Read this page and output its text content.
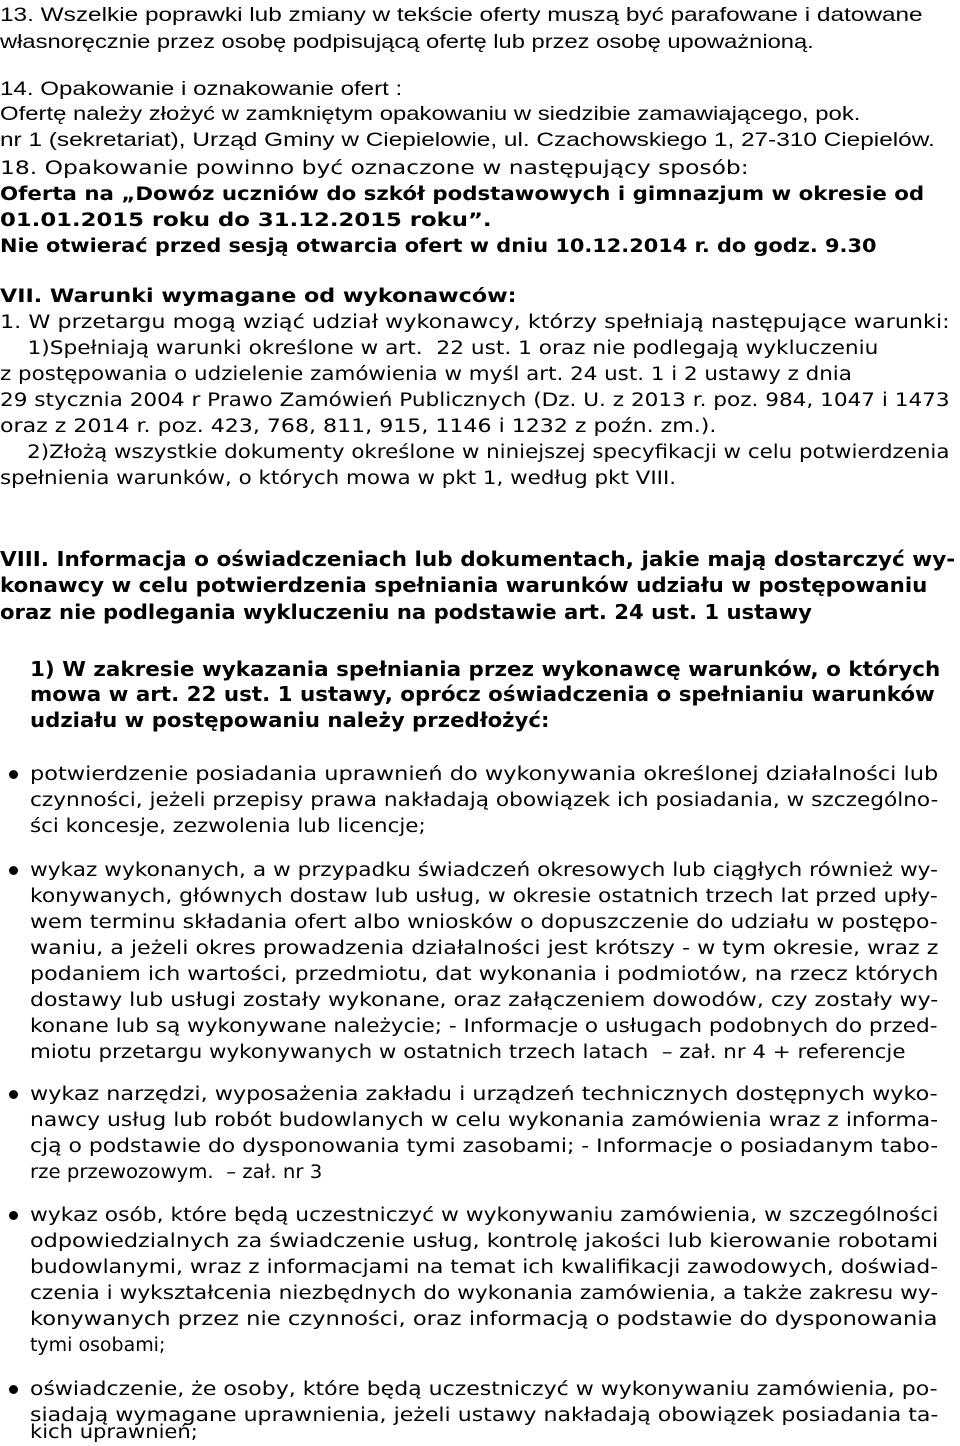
13. Wszelkie poprawki lub zmiany w tekście oferty muszą być parafowane i datowane
własnoręcznie przez osobę podpisującą ofertę lub przez osobę upoważnioną.
14. Opakowanie i oznakowanie ofert :
Ofertę należy złożyć w zamkniętym opakowaniu w siedzibie zamawiającego, pok.
nr 1 (sekretariat), Urząd Gminy w Ciepielowie, ul. Czachowskiego 1, 27-310 Ciepielów.
18. Opakowanie powinno być oznaczone w następujący sposób:
Oferta na „Dowóz uczniów do szkół podstawowych i gimnazjum w okresie od
01.01.2015 roku do 31.12.2015 roku”.
Nie otwierać przed sesją otwarcia ofert w dniu 10.12.2014 r. do godz. 9.30
VII. Warunki wymagane od wykonawców:
1. W przetargu mogą wziąć udział wykonawcy, którzy spełniają następujące warunki:
1)Spełniają warunki określone w art.  22 ust. 1 oraz nie podlegają wykluczeniu
z postępowania o udzielenie zamówienia w myśl art. 24 ust. 1 i 2 ustawy z dnia
29 stycznia 2004 r Prawo Zamówień Publicznych (Dz. U. z 2013 r. poz. 984, 1047 i 1473
oraz z 2014 r. poz. 423, 768, 811, 915, 1146 i 1232 z poźn. zm.).
2)Złożą wszystkie dokumenty określone w niniejszej specyfikacji w celu potwierdzenia
spełnienia warunków, o których mowa w pkt 1, według pkt VIII.
VIII. Informacja o oświadczeniach lub dokumentach, jakie mają dostarczyć wy-
konawcy w celu potwierdzenia spełniania warunków udziału w postępowaniu
oraz nie podlegania wykluczeniu na podstawie art. 24 ust. 1 ustawy
1) W zakresie wykazania spełniania przez wykonawcę warunków, o których
mowa w art. 22 ust. 1 ustawy, oprócz oświadczenia o spełnianiu warunków
udziału w postępowaniu należy przedłożyć:
potwierdzenie posiadania uprawnień do wykonywania określonej działalności lub
czynności, jeżeli przepisy prawa nakładają obowiązek ich posiadania, w szczególno-
ści koncesje, zezwolenia lub licencje;
wykaz wykonanych, a w przypadku świadczeń okresowych lub ciągłych również wy-
konywanych, głównych dostaw lub usług, w okresie ostatnich trzech lat przed upły-
wem terminu składania ofert albo wniosków o dopuszczenie do udziału w postępo-
waniu, a jeżeli okres prowadzenia działalności jest krótszy - w tym okresie, wraz z
podaniem ich wartości, przedmiotu, dat wykonania i podmiotów, na rzecz których
dostawy lub usługi zostały wykonane, oraz załączeniem dowodów, czy zostały wy-
konane lub są wykonywane należycie; - Informacje o usługach podobnych do przed-
miotu przetargu wykonywanych w ostatnich trzech latach  – zał. nr 4 + referencje
wykaz narzędzi, wyposażenia zakładu i urządzeń technicznych dostępnych wyko-
nawcy usług lub robót budowlanych w celu wykonania zamówienia wraz z informa-
cją o podstawie do dysponowania tymi zasobami; - Informacje o posiadanym tabo-
rze przewozowym.  – zał. nr 3
wykaz osób, które będą uczestniczyć w wykonywaniu zamówienia, w szczególności
odpowiedzialnych za świadczenie usług, kontrolę jakości lub kierowanie robotami
budowlanymi, wraz z informacjami na temat ich kwalifikacji zawodowych, doświad-
czenia i wykształcenia niezbędnych do wykonania zamówienia, a także zakresu wy-
konywanych przez nie czynności, oraz informacją o podstawie do dysponowania
tymi osobami;
oświadczenie, że osoby, które będą uczestniczyć w wykonywaniu zamówienia, po-
siadają wymagane uprawnienia, jeżeli ustawy nakładają obowiązek posiadania ta-
kich uprawnień;
